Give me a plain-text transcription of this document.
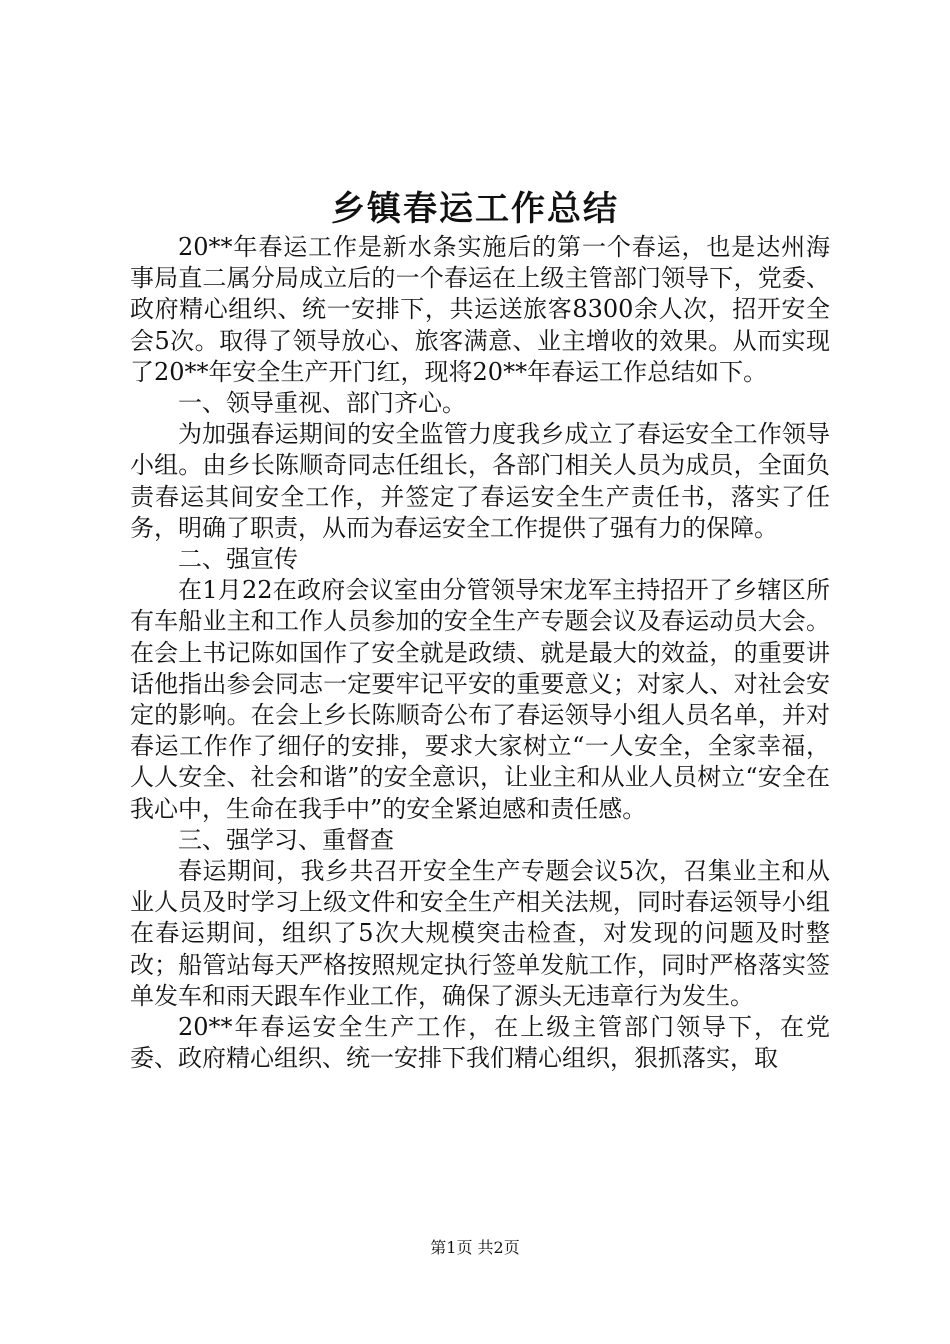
乡镇春运工作总结

20**年春运工作是新水条实施后的第一个春运，也是达州海事局直二属分局成立后的一个春运在上级主管部门领导下，党委、政府精心组织、统一安排下，共运送旅客8300余人次，招开安全会5次。取得了领导放心、旅客满意、业主增收的效果。从而实现了20**年安全生产开门红，现将20**年春运工作总结如下。

一、领导重视、部门齐心。

为加强春运期间的安全监管力度我乡成立了春运安全工作领导小组。由乡长陈顺奇同志任组长，各部门相关人员为成员，全面负责春运其间安全工作，并签定了春运安全生产责任书，落实了任务，明确了职责，从而为春运安全工作提供了强有力的保障。

二、强宣传

在1月22在政府会议室由分管领导宋龙军主持招开了乡辖区所有车船业主和工作人员参加的安全生产专题会议及春运动员大会。在会上书记陈如国作了安全就是政绩、就是最大的效益，的重要讲话他指出参会同志一定要牢记平安的重要意义；对家人、对社会安定的影响。在会上乡长陈顺奇公布了春运领导小组人员名单，并对春运工作作了细仔的安排，要求大家树立“一人安全，全家幸福，人人安全、社会和谐”的安全意识，让业主和从业人员树立“安全在我心中，生命在我手中”的安全紧迫感和责任感。

三、强学习、重督查

春运期间，我乡共召开安全生产专题会议5次，召集业主和从业人员及时学习上级文件和安全生产相关法规，同时春运领导小组在春运期间，组织了5次大规模突击检查，对发现的问题及时整改；船管站每天严格按照规定执行签单发航工作，同时严格落实签单发车和雨天跟车作业工作，确保了源头无违章行为发生。

20**年春运安全生产工作，在上级主管部门领导下，在党委、政府精心组织、统一安排下我们精心组织，狠抓落实，取

第1页 共2页
